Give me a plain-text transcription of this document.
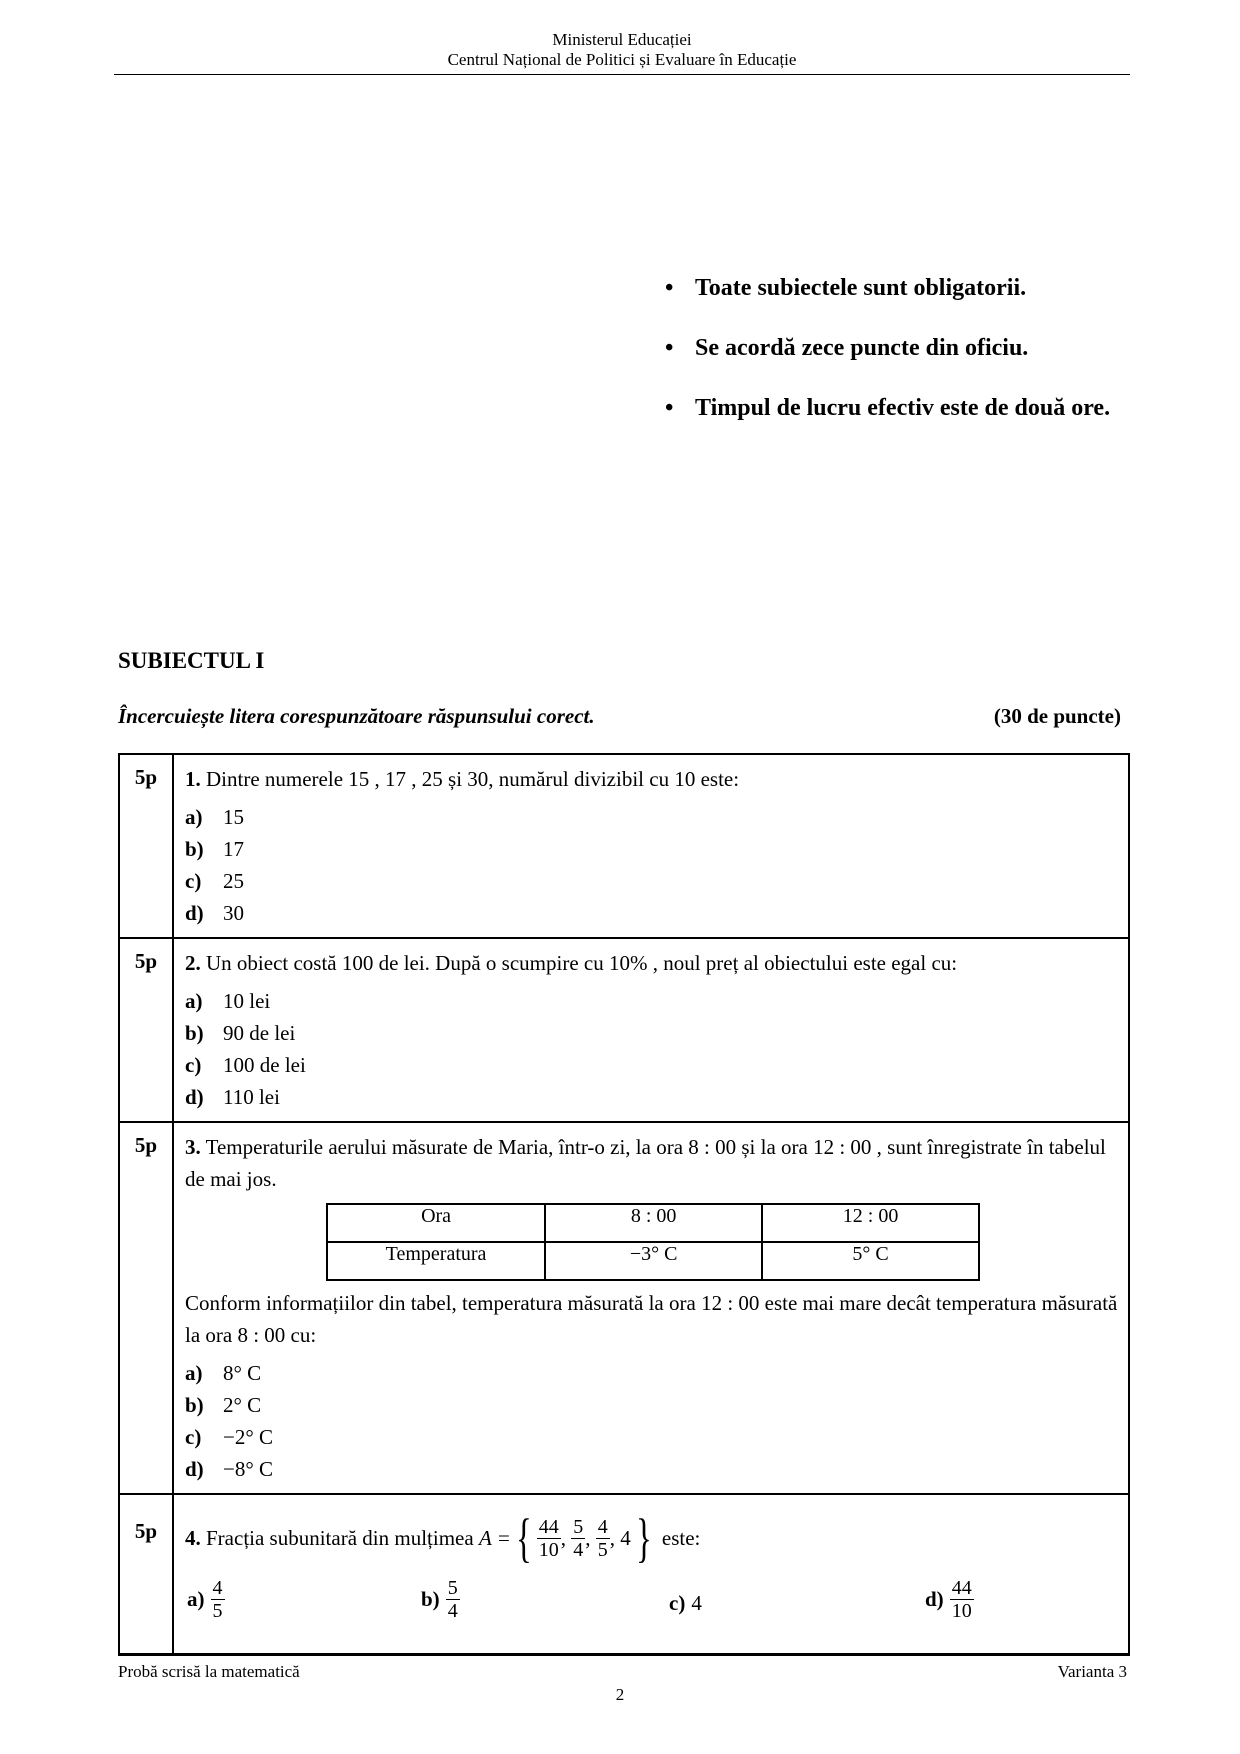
Ministerul Educației
Centrul Național de Politici și Evaluare în Educație
• Toate subiectele sunt obligatorii.
• Se acordă zece puncte din oficiu.
• Timpul de lucru efectiv este de două ore.
SUBIECTUL I
Încercuiește litera corespunzătoare răspunsului corect.	(30 de puncte)
5p	1. Dintre numerele 15 , 17 , 25 și 30, numărul divizibil cu 10 este:
a) 15
b) 17
c) 25
d) 30

5p	2. Un obiect costă 100 de lei. După o scumpire cu 10% , noul preț al obiectului este egal cu:
a) 10 lei
b) 90 de lei
c) 100 de lei
d) 110 lei

5p	3. Temperaturile aerului măsurate de Maria, într-o zi, la ora 8 : 00 și la ora 12 : 00 , sunt înregistrate în tabelul de mai jos.
Ora	8 : 00	12 : 00
Temperatura	−3° C	5° C
Conform informațiilor din tabel, temperatura măsurată la ora 12 : 00 este mai mare decât temperatura măsurată la ora 8 : 00 cu:
a) 8° C
b) 2° C
c) −2° C
d) −8° C

5p	4.
Fracția subunitară din mulțimea
A = { $\frac{44}{10}$ , $\frac{5}{4}$ , $\frac{4}{5}$ , 4 }
este:
$a) \frac{4}{5}$	$b) \frac{5}{4}$	c) 4	$d) \frac{44}{10}$
Probă scrisă la matematică	Varianta 3
2
